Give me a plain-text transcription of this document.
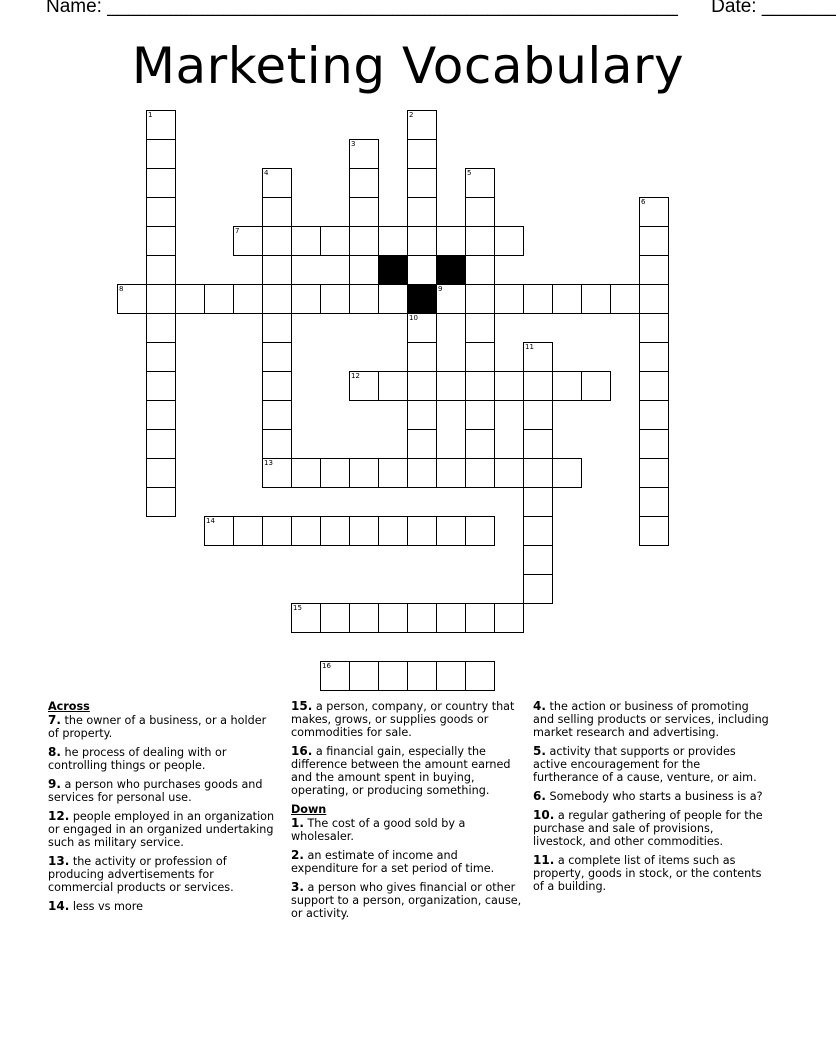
Name: ______________________________________________________ Date: _______
Marketing Vocabulary
1	2
10
3
4	5
6
7
8	9
11
12
13
14
15
16
Across
7. the owner of a business, or a holder of property.
8. he process of dealing with or controlling things or people.
9. a person who purchases goods and services for personal use.
12. people employed in an organization or engaged in an organized undertaking such as military service.
13. the activity or profession of producing advertisements for commercial products or services.
14. less vs more
15. a person, company, or country that makes, grows, or supplies goods or commodities for sale.
16. a financial gain, especially the difference between the amount earned and the amount spent in buying, operating, or producing something.
Down
1. The cost of a good sold by a wholesaler.
2. an estimate of income and expenditure for a set period of time.
3. a person who gives financial or other support to a person, organization, cause, or activity.
4. the action or business of promoting and selling products or services, including market research and advertising.
5. activity that supports or provides active encouragement for the furtherance of a cause, venture, or aim.
6. Somebody who starts a business is a?
10. a regular gathering of people for the purchase and sale of provisions, livestock, and other commodities.
11. a complete list of items such as property, goods in stock, or the contents of a building.
